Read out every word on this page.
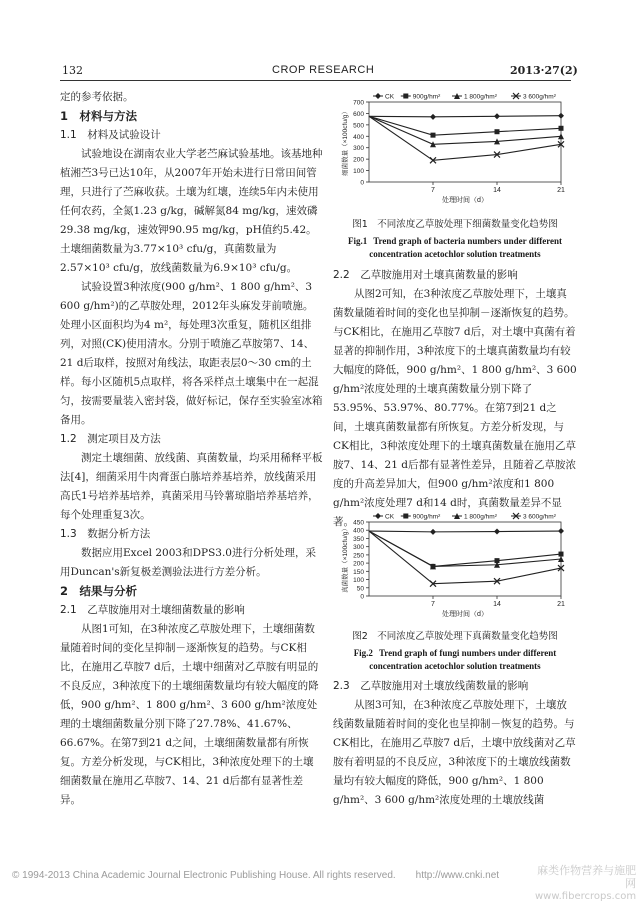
132	CROP RESEARCH	2013·27(2)

定的参考依据。

1　材料与方法

1.1　材料及试验设计

试验地设在湖南农业大学老苎麻试验基地。该基地种植湘苎3号已达10年，从2007年开始未进行日常田间管理，只进行了苎麻收获。土壤为红壤，连续5年内未使用任何农药，全氮1.23 g/kg，碱解氮84 mg/kg，速效磷29.38 mg/kg，速效钾90.95 mg/kg，pH值约5.42。土壤细菌数量为3.77×10³ cfu/g，真菌数量为2.57×10³ cfu/g，放线菌数量为6.9×10³ cfu/g。

试验设置3种浓度(900 g/hm²、1 800 g/hm²、3 600 g/hm²)的乙草胺处理，2012年头麻发芽前喷施。处理小区面积均为4 m²，每处理3次重复，随机区组排列，对照(CK)使用清水。分别于喷施乙草胺第7、14、21 d后取样，按照对角线法，取距表层0～30 cm的土样。每小区随机5点取样，将各采样点土壤集中在一起混匀，按需要量装入密封袋，做好标记，保存至实验室冰箱备用。

1.2　测定项目及方法

测定土壤细菌、放线菌、真菌数量，均采用稀释平板法[4]，细菌采用牛肉膏蛋白胨培养基培养，放线菌采用高氏1号培养基培养，真菌采用马铃薯琼脂培养基培养，每个处理重复3次。

1.3　数据分析方法

数据应用Excel 2003和DPS3.0进行分析处理，采用Duncan's新复极差测验法进行方差分析。

2　结果与分析

2.1　乙草胺施用对土壤细菌数量的影响

从图1可知，在3种浓度乙草胺处理下，土壤细菌数量随着时间的变化呈抑制－逐渐恢复的趋势。与CK相比，在施用乙草胺7 d后，土壤中细菌对乙草胺有明显的不良反应，3种浓度下的土壤细菌数量均有较大幅度的降低，900 g/hm²、1 800 g/hm²、3 600 g/hm²浓度处理的土壤细菌数量分别下降了27.78%、41.67%、66.67%。在第7到21 d之间，土壤细菌数量都有所恢复。方差分析发现，与CK相比，3种浓度处理下的土壤细菌数量在施用乙草胺7、14、21 d后都有显著性差异。

0
100
200
300
400
500
600
700
7	14	21
处理时间（d）
细菌数量（×100cfu/g）
CK	900g/hm²	1 800g/hm²	3 600g/hm²
图1　不同浓度乙草胺处理下细菌数量变化趋势图
Fig.1 Trend graph of bacteria numbers under different
concentration acetochlor solution treatments

2.2　乙草胺施用对土壤真菌数量的影响

从图2可知，在3种浓度乙草胺处理下，土壤真菌数量随着时间的变化也呈抑制－逐渐恢复的趋势。与CK相比，在施用乙草胺7 d后，对土壤中真菌有着显著的抑制作用，3种浓度下的土壤真菌数量均有较大幅度的降低，900 g/hm²、1 800 g/hm²、3 600 g/hm²浓度处理的土壤真菌数量分别下降了53.95%、53.97%、80.77%。在第7到21 d之间，土壤真菌数量都有所恢复。方差分析发现，与CK相比，3种浓度处理下的土壤真菌数量在施用乙草胺7、14、21 d后都有显著性差异，且随着乙草胺浓度的升高差异加大，但900 g/hm²浓度和1 800 g/hm²浓度处理7 d和14 d时，真菌数量差异不显著。

0
50
100
150
200
250
300
350
400
450
7	14	21
处理时间（d）
真菌数量（×100cfu/g）
CK	900g/hm²	1 800g/hm²	3 600g/hm²
图2　不同浓度乙草胺处理下真菌数量变化趋势图
Fig.2 Trend graph of fungi numbers under different
concentration acetochlor solution treatments

2.3　乙草胺施用对土壤放线菌数量的影响

从图3可知，在3种浓度乙草胺处理下，土壤放线菌数量随着时间的变化也呈抑制－恢复的趋势。与CK相比，在施用乙草胺7 d后，土壤中放线菌对乙草胺有着明显的不良反应，3种浓度下的土壤放线菌数量均有较大幅度的降低，900 g/hm²、1 800 g/hm²、3 600 g/hm²浓度处理的土壤放线菌

© 1994-2013 China Academic Journal Electronic Publishing House. All rights reserved.　　http://www.cnki.net	麻类作物营养与施肥网
www.fibercrops.com
